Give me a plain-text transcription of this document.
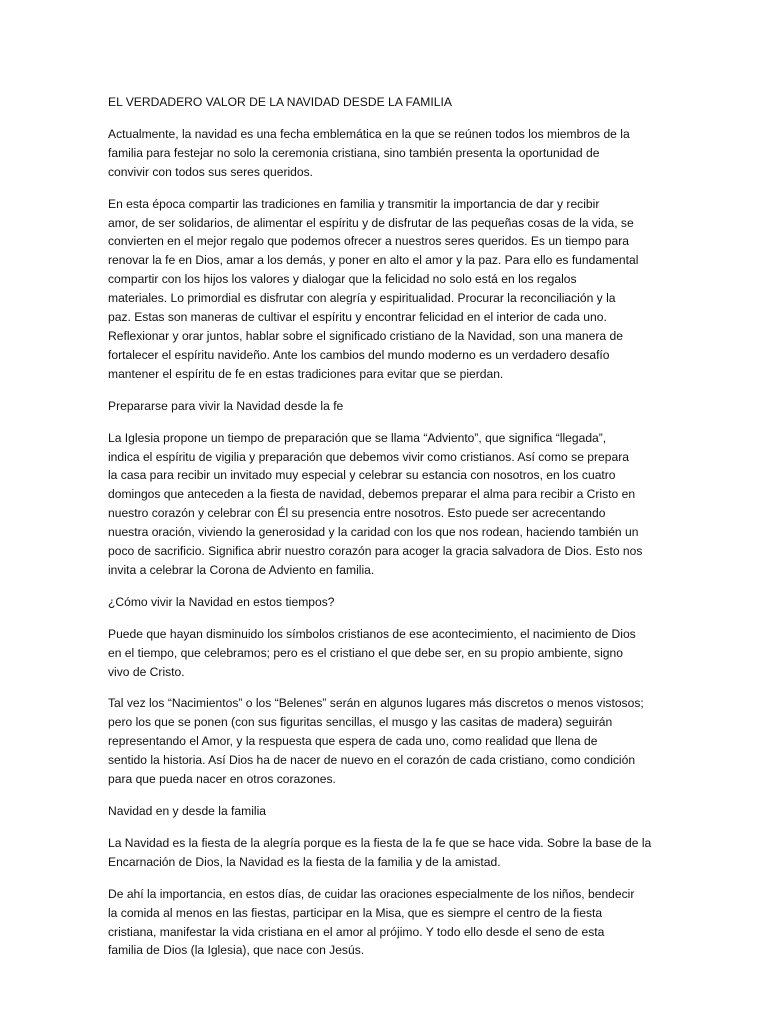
EL VERDADERO VALOR DE LA NAVIDAD DESDE LA FAMILIA

Actualmente, la navidad es una fecha emblemática en la que se reúnen todos los miembros de la
familia para festejar no solo la ceremonia cristiana, sino también presenta la oportunidad de
convivir con todos sus seres queridos.

En esta época compartir las tradiciones en familia y transmitir la importancia de dar y recibir
amor, de ser solidarios, de alimentar el espíritu y de disfrutar de las pequeñas cosas de la vida, se
convierten en el mejor regalo que podemos ofrecer a nuestros seres queridos. Es un tiempo para
renovar la fe en Dios, amar a los demás, y poner en alto el amor y la paz. Para ello es fundamental
compartir con los hijos los valores y dialogar que la felicidad no solo está en los regalos
materiales. Lo primordial es disfrutar con alegría y espiritualidad. Procurar la reconciliación y la
paz. Estas son maneras de cultivar el espíritu y encontrar felicidad en el interior de cada uno.
Reflexionar y orar juntos, hablar sobre el significado cristiano de la Navidad, son una manera de
fortalecer el espíritu navideño. Ante los cambios del mundo moderno es un verdadero desafío
mantener el espíritu de fe en estas tradiciones para evitar que se pierdan.

Prepararse para vivir la Navidad desde la fe

La Iglesia propone un tiempo de preparación que se llama “Adviento”, que significa “llegada”,
indica el espíritu de vigilia y preparación que debemos vivir como cristianos. Así como se prepara
la casa para recibir un invitado muy especial y celebrar su estancia con nosotros, en los cuatro
domingos que anteceden a la fiesta de navidad, debemos preparar el alma para recibir a Cristo en
nuestro corazón y celebrar con Él su presencia entre nosotros. Esto puede ser acrecentando
nuestra oración, viviendo la generosidad y la caridad con los que nos rodean, haciendo también un
poco de sacrificio. Significa abrir nuestro corazón para acoger la gracia salvadora de Dios. Esto nos
invita a celebrar la Corona de Adviento en familia.

¿Cómo vivir la Navidad en estos tiempos?

Puede que hayan disminuido los símbolos cristianos de ese acontecimiento, el nacimiento de Dios
en el tiempo, que celebramos; pero es el cristiano el que debe ser, en su propio ambiente, signo
vivo de Cristo.

Tal vez los “Nacimientos” o los “Belenes” serán en algunos lugares más discretos o menos vistosos;
pero los que se ponen (con sus figuritas sencillas, el musgo y las casitas de madera) seguirán
representando el Amor, y la respuesta que espera de cada uno, como realidad que llena de
sentido la historia. Así Dios ha de nacer de nuevo en el corazón de cada cristiano, como condición
para que pueda nacer en otros corazones.

Navidad en y desde la familia

La Navidad es la fiesta de la alegría porque es la fiesta de la fe que se hace vida. Sobre la base de la
Encarnación de Dios, la Navidad es la fiesta de la familia y de la amistad.

De ahí la importancia, en estos días, de cuidar las oraciones especialmente de los niños, bendecir
la comida al menos en las fiestas, participar en la Misa, que es siempre el centro de la fiesta
cristiana, manifestar la vida cristiana en el amor al prójimo. Y todo ello desde el seno de esta
familia de Dios (la Iglesia), que nace con Jesús.
